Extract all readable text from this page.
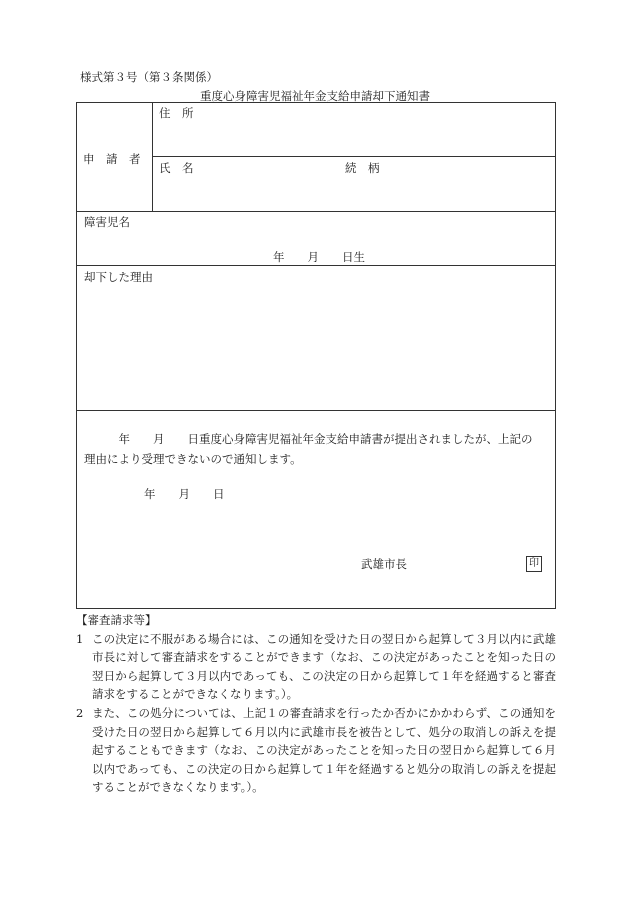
様式第３号（第３条関係）
重度心身障害児福祉年金支給申請却下通知書
申　請　者
住　所
氏　名	続　柄
障害児名
年　　月　　日生
却下した理由

　　　年　　月　　日重度心身障害児福祉年金支給申請書が提出されましたが、上記の

理由により受理できないので通知します。

年　　月　　日
武雄市長	印
【審査請求等】
1 この決定に不服がある場合には、この通知を受けた日の翌日から起算して３月以内に武雄市長に対して審査請求をすることができます（なお、この決定があったことを知った日の翌日から起算して３月以内であっても、この決定の日から起算して１年を経過すると審査請求をすることができなくなります。）。
2 また、この処分については、上記１の審査請求を行ったか否かにかかわらず、この通知を受けた日の翌日から起算して６月以内に武雄市長を被告として、処分の取消しの訴えを提起することもできます（なお、この決定があったことを知った日の翌日から起算して６月以内であっても、この決定の日から起算して１年を経過すると処分の取消しの訴えを提起することができなくなります。）。
